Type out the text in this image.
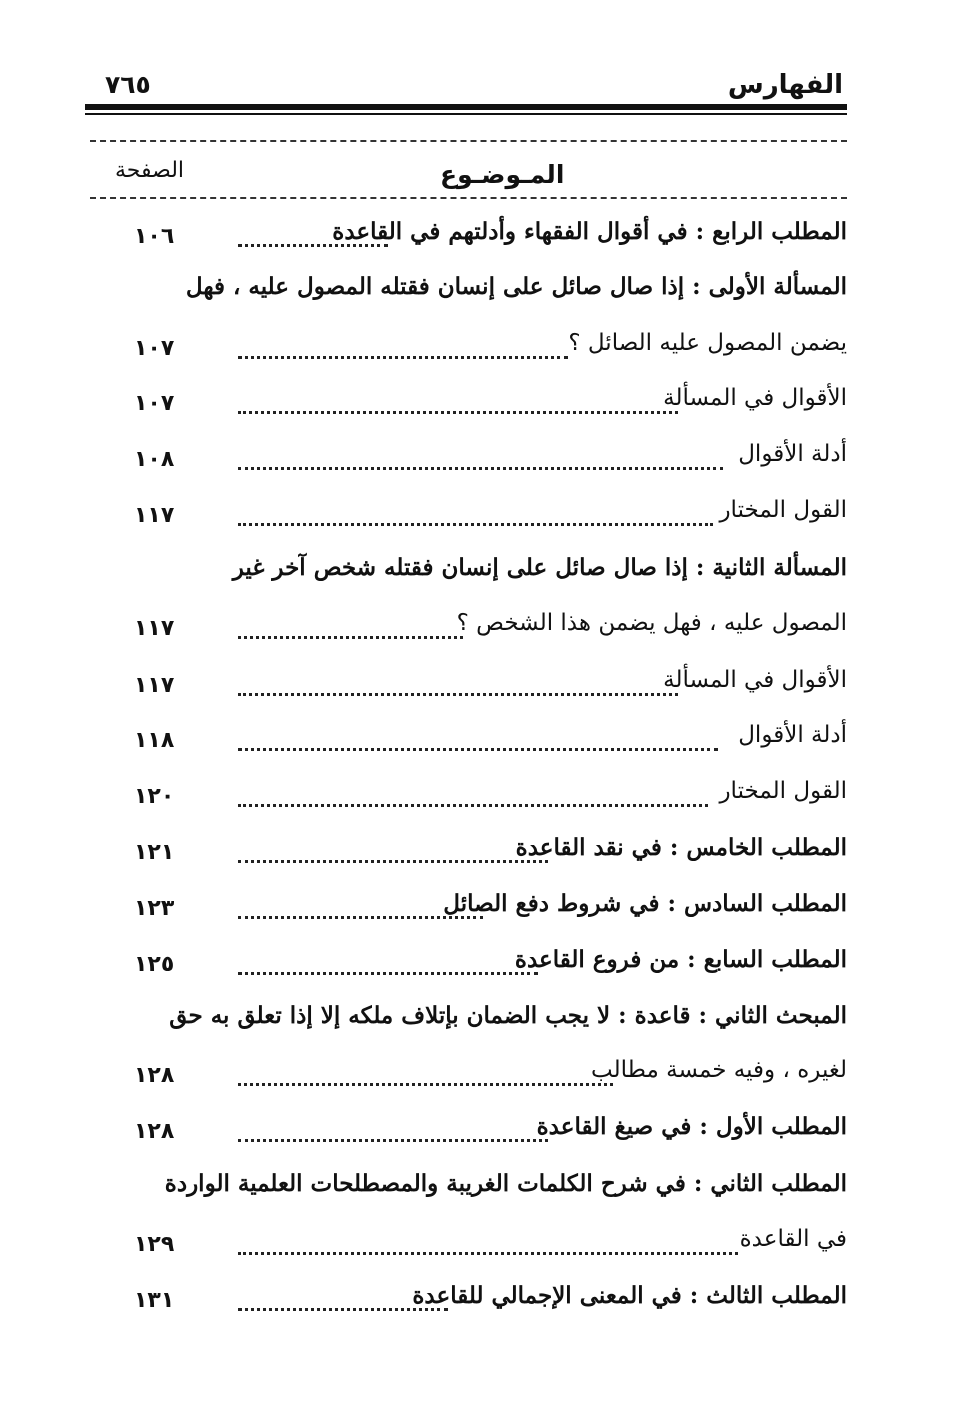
٧٦٥	الفهارس
الصفحة	المـوضـوع
المطلب الرابع : في أقوال الفقهاء وأدلتهم في القاعدة
١٠٦
المسألة الأولى : إذا صال صائل على إنسان فقتله المصول عليه ، فهل
يضمن المصول عليه الصائل ؟
١٠٧
الأقوال في المسألة
١٠٧
أدلة الأقوال
١٠٨
القول المختار
١١٧
المسألة الثانية : إذا صال صائل على إنسان فقتله شخص آخر غير
المصول عليه ، فهل يضمن هذا الشخص ؟
١١٧
الأقوال في المسألة
١١٧
أدلة الأقوال
١١٨
القول المختار
١٢٠
المطلب الخامس : في نقد القاعدة
١٢١
المطلب السادس : في شروط دفع الصائل
١٢٣
المطلب السابع : من فروع القاعدة
١٢٥
المبحث الثاني : قاعدة : لا يجب الضمان بإتلاف ملكه إلا إذا تعلق به حق
لغيره ، وفيه خمسة مطالب
١٢٨
المطلب الأول : في صيغ القاعدة
١٢٨
المطلب الثاني : في شرح الكلمات الغريبة والمصطلحات العلمية الواردة
في القاعدة
١٢٩
المطلب الثالث : في المعنى الإجمالي للقاعدة
١٣١
